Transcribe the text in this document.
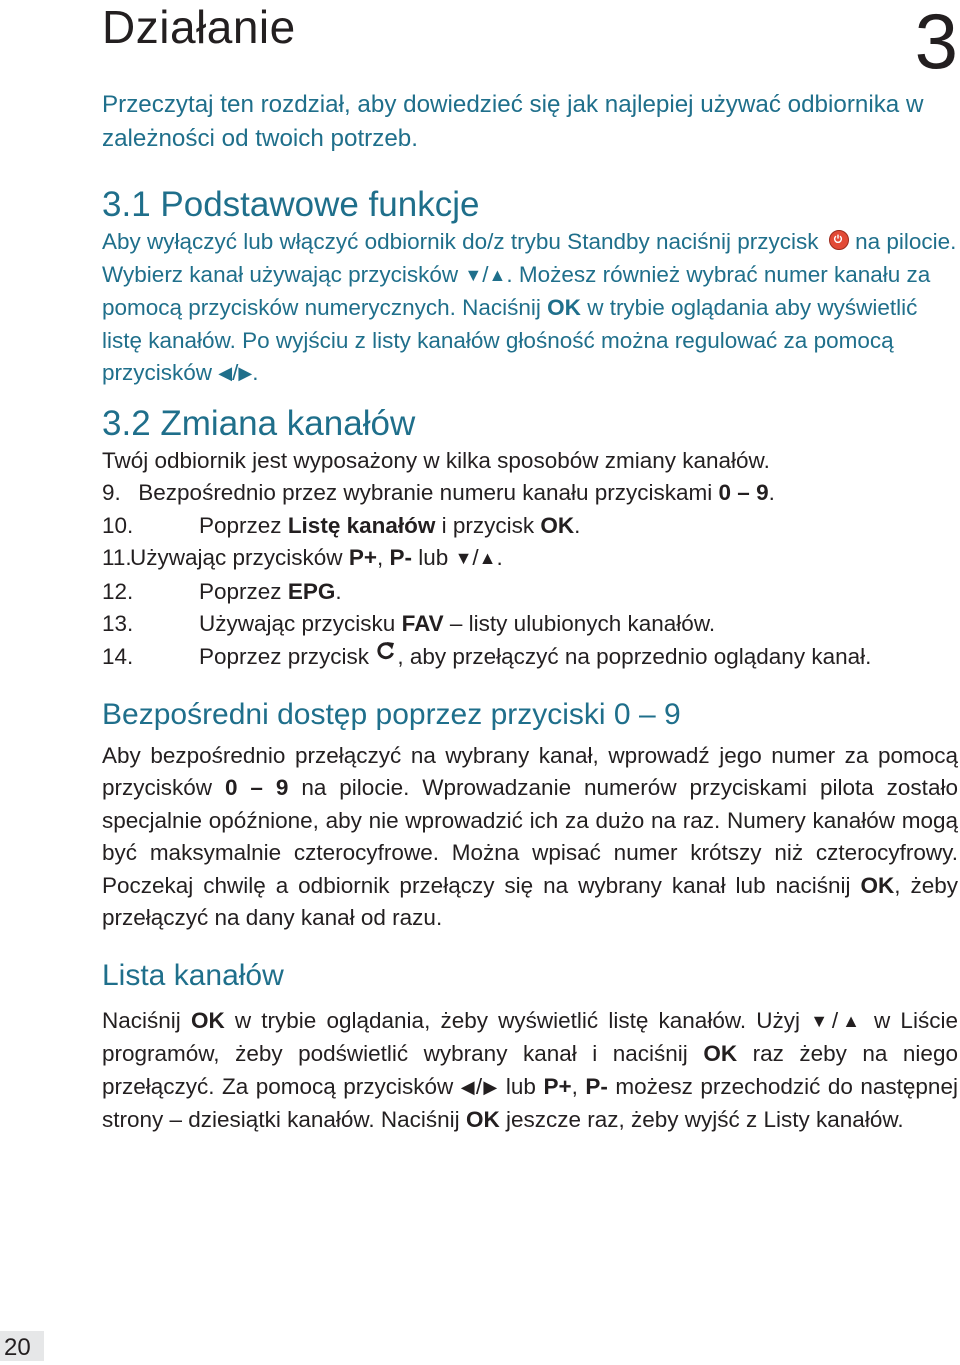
Działanie	3

Przeczytaj ten rozdział, aby dowiedzieć się jak najlepiej używać odbiornika w zależności od twoich potrzeb.

3.1 Podstawowe funkcje

Aby wyłączyć lub włączyć odbiornik do/z trybu Standby naciśnij przycisk na pilocie. Wybierz kanał używając przycisków ▼/▲. Możesz również wybrać numer kanału za pomocą przycisków numerycznych. Naciśnij OK w trybie oglądania aby wyświetlić listę kanałów. Po wyjściu z listy kanałów głośność można regulować za pomocą przycisków ◀/▶.

3.2 Zmiana kanałów

Twój odbiornik jest wyposażony w kilka sposobów zmiany kanałów.

9. Bezpośrednio przez wybranie numeru kanału przyciskami 0 – 9.
10.	Poprzez Listę kanałów i przycisk OK.
11.
Używając przycisków P+, P- lub ▼/▲.
12.	Poprzez EPG.
13.	Używając przycisku FAV – listy ulubionych kanałów.
14.	Poprzez przycisk , aby przełączyć na poprzednio oglądany kanał.
Bezpośredni dostęp poprzez przyciski 0 – 9

Aby bezpośrednio przełączyć na wybrany kanał, wprowadź jego numer za pomocą przycisków 0 – 9 na pilocie. Wprowadzanie numerów przyciskami pilota zostało specjalnie opóźnione, aby nie wprowadzić ich za dużo na raz. Numery kanałów mogą być maksymalnie czterocyfrowe. Można wpisać numer krótszy niż czterocyfrowy. Poczekaj chwilę a odbiornik przełączy się na wybrany kanał lub naciśnij OK, żeby przełączyć na dany kanał od razu.

Lista kanałów

Naciśnij OK w trybie oglądania, żeby wyświetlić listę kanałów. Użyj ▼/▲ w Liście programów, żeby podświetlić wybrany kanał i naciśnij OK raz żeby na niego przełączyć. Za pomocą przycisków ◀/▶ lub P+, P- możesz przechodzić do następnej strony – dziesiątki kanałów. Naciśnij OK jeszcze raz, żeby wyjść z Listy kanałów.

20
